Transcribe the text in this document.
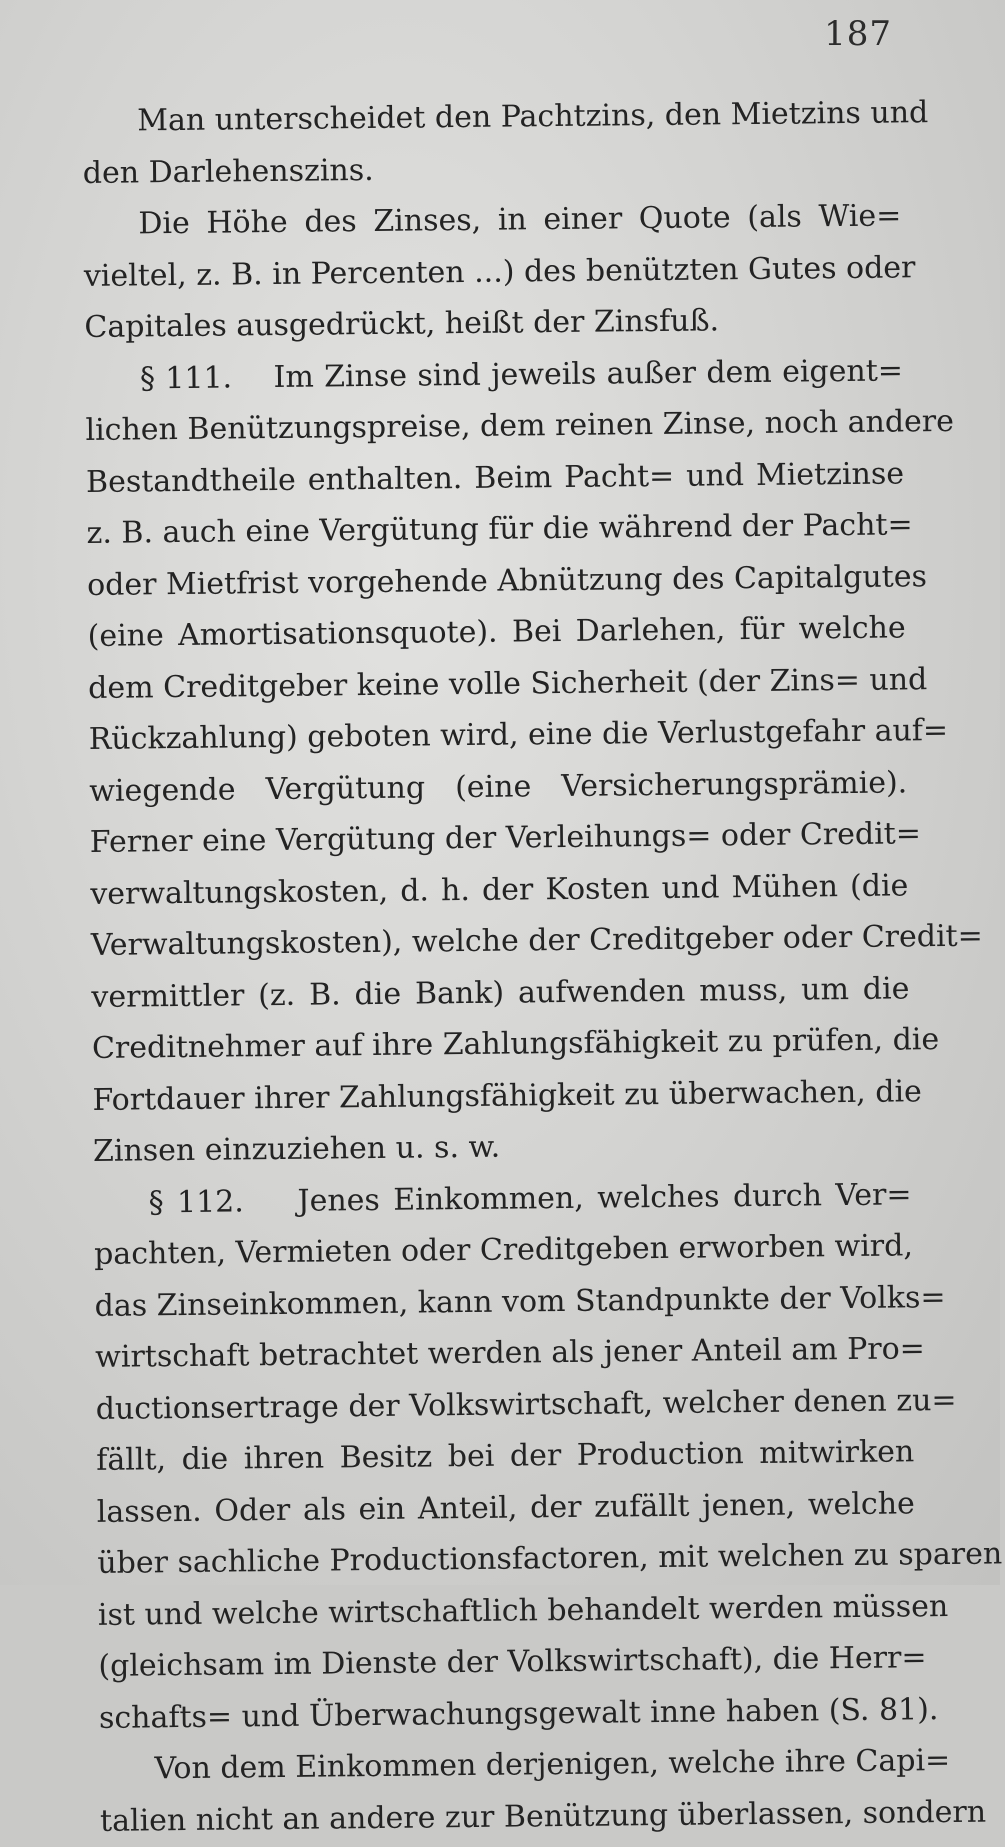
187
Man unterscheidet den Pachtzins, den Mietzins und
den Darlehenszins.
Die Höhe des Zinses, in einer Quote (als Wie=
vieltel, z. B. in Percenten ...) des benützten Gutes oder
Capitales ausgedrückt, heißt der Zinsfuß.
§ 111. Im Zinse sind jeweils außer dem eigent=
lichen Benützungspreise, dem reinen Zinse, noch andere
Bestandtheile enthalten. Beim Pacht= und Mietzinse
z. B. auch eine Vergütung für die während der Pacht=
oder Mietfrist vorgehende Abnützung des Capitalgutes
(eine Amortisationsquote). Bei Darlehen, für welche
dem Creditgeber keine volle Sicherheit (der Zins= und
Rückzahlung) geboten wird, eine die Verlustgefahr auf=
wiegende Vergütung (eine Versicherungsprämie).
Ferner eine Vergütung der Verleihungs= oder Credit=
verwaltungskosten, d. h. der Kosten und Mühen (die
Verwaltungskosten), welche der Creditgeber oder Credit=
vermittler (z. B. die Bank) aufwenden muss, um die
Creditnehmer auf ihre Zahlungsfähigkeit zu prüfen, die
Fortdauer ihrer Zahlungsfähigkeit zu überwachen, die
Zinsen einzuziehen u. s. w.
§ 112. Jenes Einkommen, welches durch Ver=
pachten, Vermieten oder Creditgeben erworben wird,
das Zinseinkommen, kann vom Standpunkte der Volks=
wirtschaft betrachtet werden als jener Anteil am Pro=
ductionsertrage der Volkswirtschaft, welcher denen zu=
fällt, die ihren Besitz bei der Production mitwirken
lassen. Oder als ein Anteil, der zufällt jenen, welche
über sachliche Productionsfactoren, mit welchen zu sparen
ist und welche wirtschaftlich behandelt werden müssen
(gleichsam im Dienste der Volkswirtschaft), die Herr=
schafts= und Überwachungsgewalt inne haben (S. 81).
Von dem Einkommen derjenigen, welche ihre Capi=
talien nicht an andere zur Benützung überlassen, sondern
